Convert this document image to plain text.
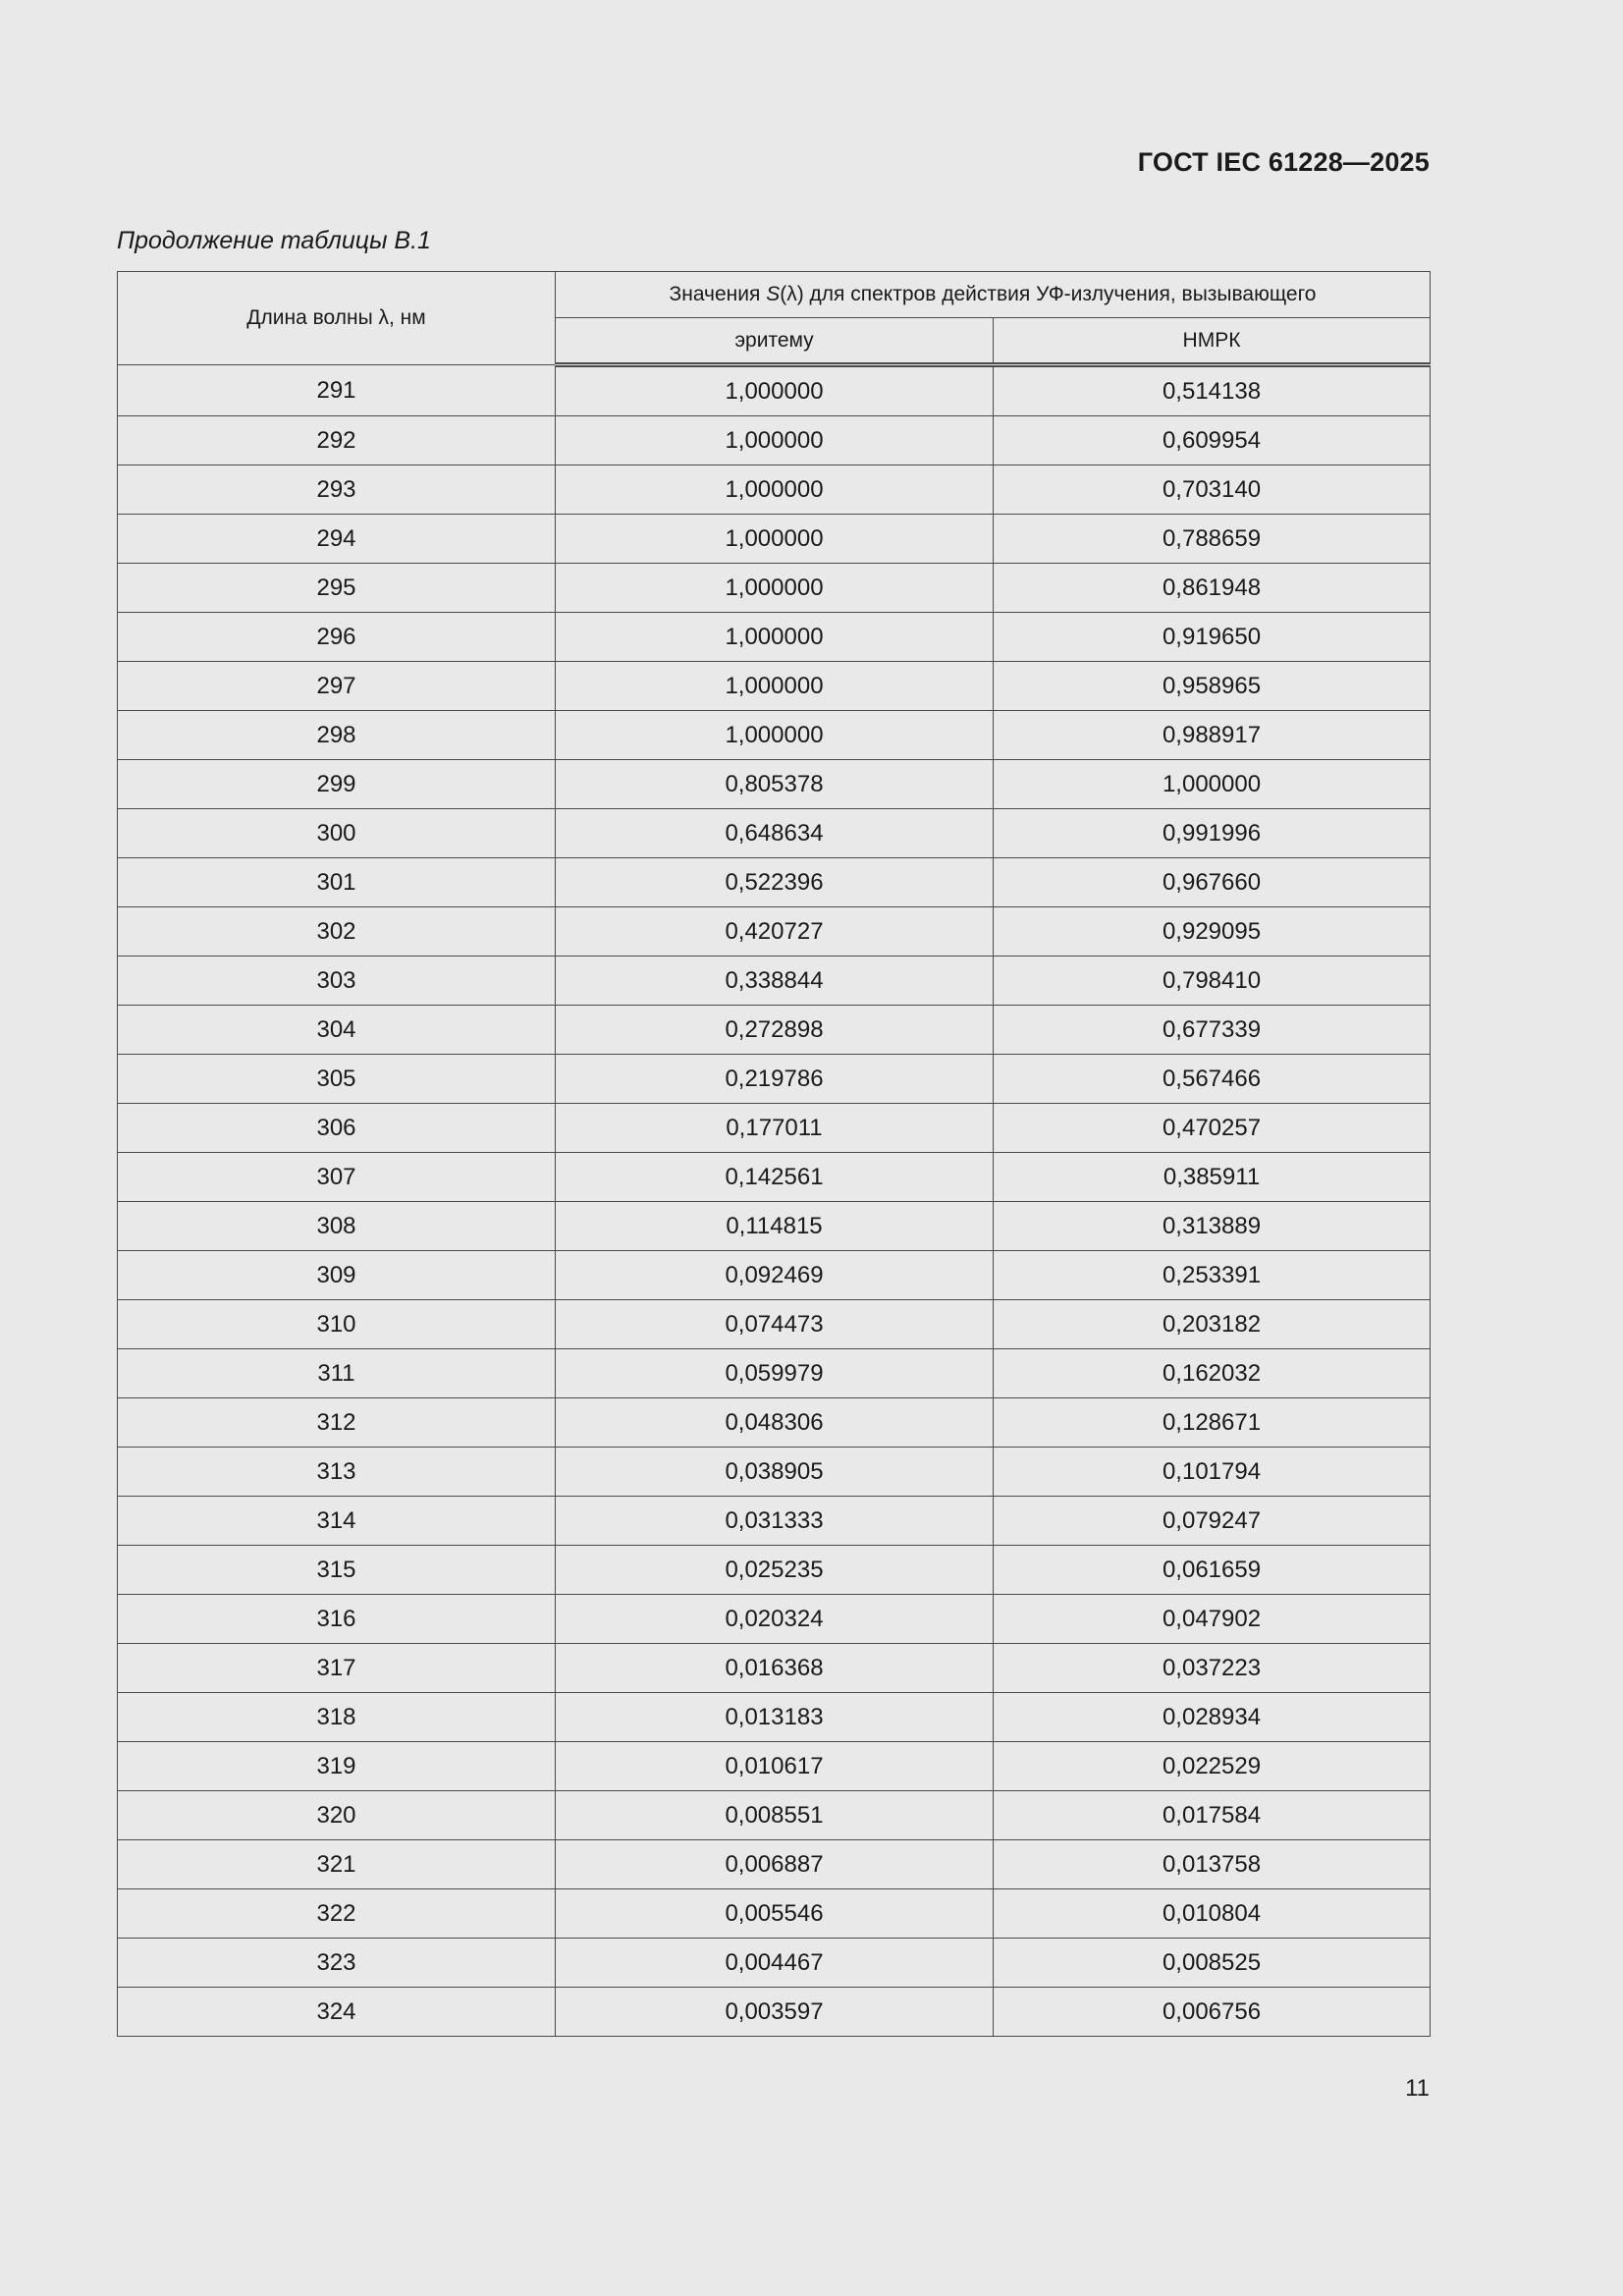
ГОСТ IEC 61228—2025
Продолжение таблицы В.1
Длина волны λ, нм	Значения S(λ) для спектров действия УФ-излучения, вызывающего	
	эритему	НМРК
291	1,000000	0,514138
292	1,000000	0,609954
293	1,000000	0,703140
294	1,000000	0,788659
295	1,000000	0,861948
296	1,000000	0,919650
297	1,000000	0,958965
298	1,000000	0,988917
299	0,805378	1,000000
300	0,648634	0,991996
301	0,522396	0,967660
302	0,420727	0,929095
303	0,338844	0,798410
304	0,272898	0,677339
305	0,219786	0,567466
306	0,177011	0,470257
307	0,142561	0,385911
308	0,114815	0,313889
309	0,092469	0,253391
310	0,074473	0,203182
311	0,059979	0,162032
312	0,048306	0,128671
313	0,038905	0,101794
314	0,031333	0,079247
315	0,025235	0,061659
316	0,020324	0,047902
317	0,016368	0,037223
318	0,013183	0,028934
319	0,010617	0,022529
320	0,008551	0,017584
321	0,006887	0,013758
322	0,005546	0,010804
323	0,004467	0,008525
324	0,003597	0,006756
11
